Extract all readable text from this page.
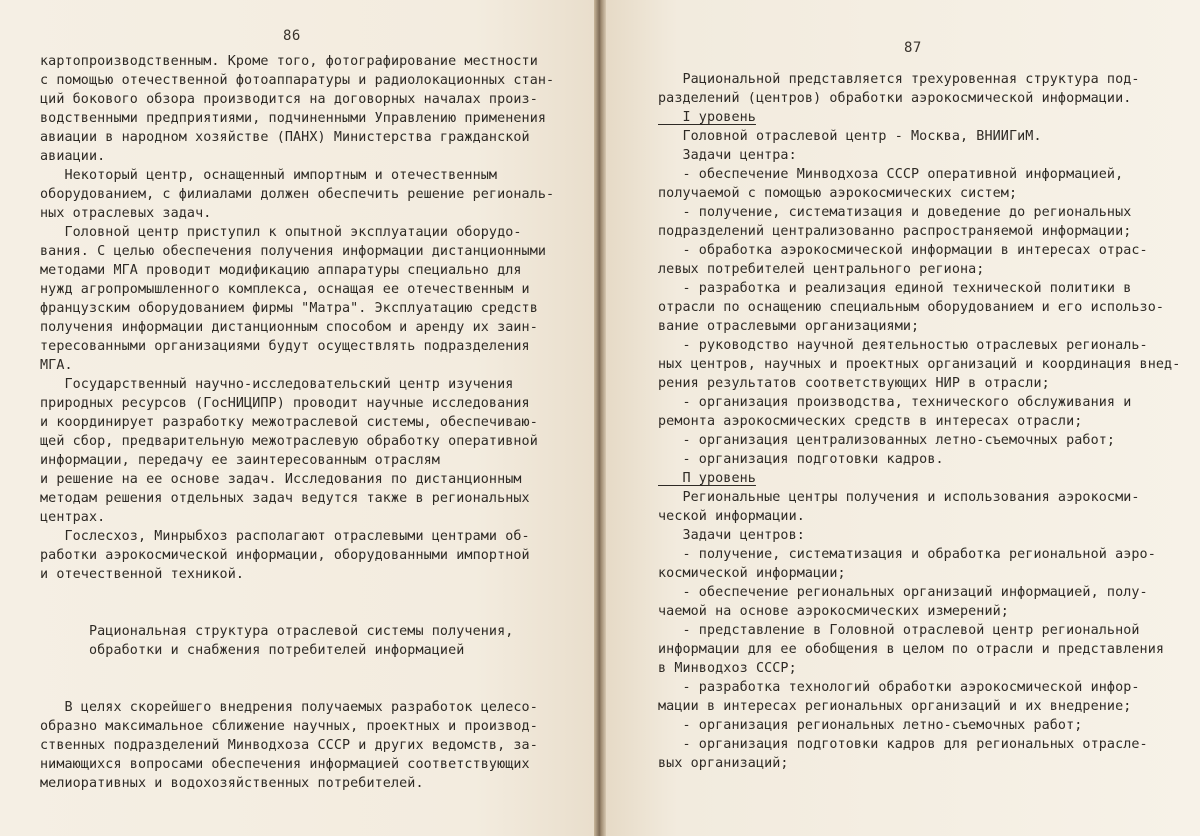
86
картопроизводственным. Кроме того, фотографирование местности
с помощью отечественной фотоаппаратуры и радиолокационных стан-
ций бокового обзора производится на договорных началах произ-
водственными предприятиями, подчиненными Управлению применения
авиации в народном хозяйстве (ПАНХ) Министерства гражданской
авиации.
Некоторый центр, оснащенный импортным и отечественным
оборудованием, с филиалами должен обеспечить решение региональ-
ных отраслевых задач.
Головной центр приступил к опытной эксплуатации оборудо-
вания. С целью обеспечения получения информации дистанционными
методами МГА проводит модификацию аппаратуры специально для
нужд агропромышленного комплекса, оснащая ее отечественным и
французским оборудованием фирмы "Матра". Эксплуатацию средств
получения информации дистанционным способом и аренду их заин-
тересованными организациями будут осуществлять подразделения
МГА.
Государственный научно-исследовательский центр изучения
природных ресурсов (ГосНИЦИПР) проводит научные исследования
и координирует разработку межотраслевой системы, обеспечиваю-
щей сбор, предварительную межотраслевую обработку оперативной
информации, передачу ее заинтересованным отраслям
и решение на ее основе задач. Исследования по дистанционным
методам решения отдельных задач ведутся также в региональных
центрах.
Гослесхоз, Минрыбхоз располагают отраслевыми центрами об-
работки аэрокосмической информации, оборудованными импортной
и отечественной техникой.
Рациональная структура отраслевой системы получения,
обработки и снабжения потребителей информацией
В целях скорейшего внедрения получаемых разработок целесо-
образно максимальное сближение научных, проектных и производ-
ственных подразделений Минводхоза СССР и других ведомств, за-
нимающихся вопросами обеспечения информацией соответствующих
мелиоративных и водохозяйственных потребителей.
87
Рациональной представляется трехуровенная структура под-
разделений (центров) обработки аэрокосмической информации.
I уровень
Головной отраслевой центр - Москва, ВНИИГиМ.
Задачи центра:
- обеспечение Минводхоза СССР оперативной информацией,
получаемой с помощью аэрокосмических систем;
- получение, систематизация и доведение до региональных
подразделений централизованно распространяемой информации;
- обработка аэрокосмической информации в интересах отрас-
левых потребителей центрального региона;
- разработка и реализация единой технической политики в
отрасли по оснащению специальным оборудованием и его использо-
вание отраслевыми организациями;
- руководство научной деятельностью отраслевых региональ-
ных центров, научных и проектных организаций и координация внед-
рения результатов соответствующих НИР в отрасли;
- организация производства, технического обслуживания и
ремонта аэрокосмических средств в интересах отрасли;
- организация централизованных летно-съемочных работ;
- организация подготовки кадров.
П уровень
Региональные центры получения и использования аэрокосми-
ческой информации.
Задачи центров:
- получение, систематизация и обработка региональной аэро-
космической информации;
- обеспечение региональных организаций информацией, полу-
чаемой на основе аэрокосмических измерений;
- представление в Головной отраслевой центр региональной
информации для ее обобщения в целом по отрасли и представления
в Минводхоз СССР;
- разработка технологий обработки аэрокосмической инфор-
мации в интересах региональных организаций и их внедрение;
- организация региональных летно-съемочных работ;
- организация подготовки кадров для региональных отрасле-
вых организаций;
